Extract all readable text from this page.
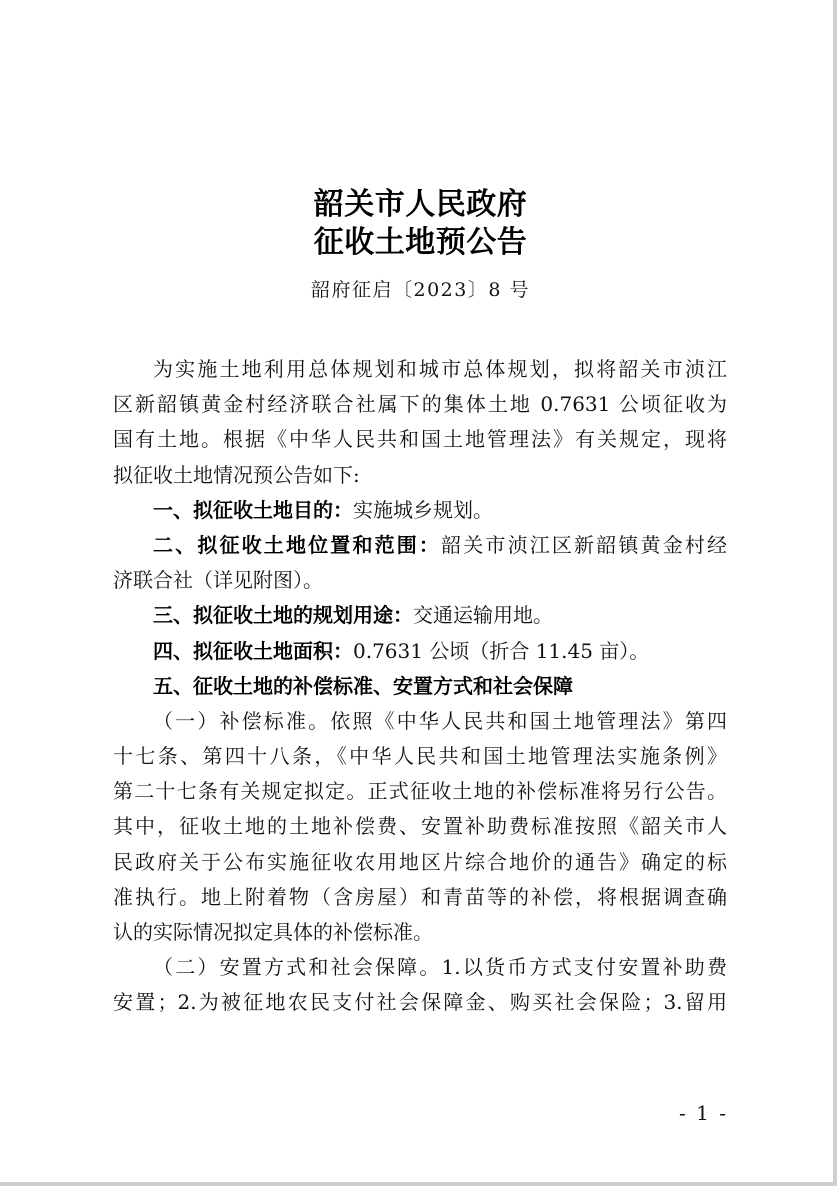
韶关市人民政府
征收土地预公告
韶府征启〔2023〕8 号
为实施土地利用总体规划和城市总体规划，拟将韶关市浈江
区新韶镇黄金村经济联合社属下的集体土地 0.7631 公顷征收为
国有土地。根据《中华人民共和国土地管理法》有关规定，现将
拟征收土地情况预公告如下:
一、拟征收土地目的：实施城乡规划。
二、拟征收土地位置和范围：韶关市浈江区新韶镇黄金村经
济联合社（详见附图）。
三、拟征收土地的规划用途：交通运输用地。
四、拟征收土地面积：0.7631 公顷（折合 11.45 亩）。
五、征收土地的补偿标准、安置方式和社会保障
（一）补偿标准。依照《中华人民共和国土地管理法》第四
十七条、第四十八条，《中华人民共和国土地管理法实施条例》
第二十七条有关规定拟定。正式征收土地的补偿标准将另行公告。
其中，征收土地的土地补偿费、安置补助费标准按照《韶关市人
民政府关于公布实施征收农用地区片综合地价的通告》确定的标
准执行。地上附着物（含房屋）和青苗等的补偿，将根据调查确
认的实际情况拟定具体的补偿标准。
（二）安置方式和社会保障。1.以货币方式支付安置补助费
安置；2.为被征地农民支付社会保障金、购买社会保险；3.留用
- 1 -
